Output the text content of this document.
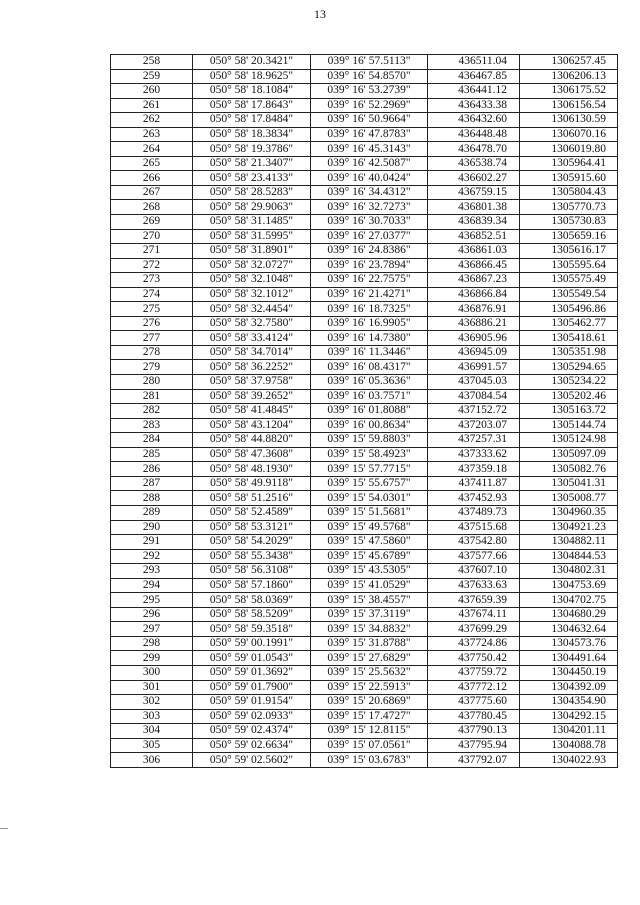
13
258	050° 58' 20.3421"	039° 16' 57.5113"	436511.04	1306257.45
259	050° 58' 18.9625"	039° 16' 54.8570"	436467.85	1306206.13
260	050° 58' 18.1084"	039° 16' 53.2739"	436441.12	1306175.52
261	050° 58' 17.8643"	039° 16' 52.2969"	436433.38	1306156.54
262	050° 58' 17.8484"	039° 16' 50.9664"	436432.60	1306130.59
263	050° 58' 18.3834"	039° 16' 47.8783"	436448.48	1306070.16
264	050° 58' 19.3786"	039° 16' 45.3143"	436478.70	1306019.80
265	050° 58' 21.3407"	039° 16' 42.5087"	436538.74	1305964.41
266	050° 58' 23.4133"	039° 16' 40.0424"	436602.27	1305915.60
267	050° 58' 28.5283"	039° 16' 34.4312"	436759.15	1305804.43
268	050° 58' 29.9063"	039° 16' 32.7273"	436801.38	1305770.73
269	050° 58' 31.1485"	039° 16' 30.7033"	436839.34	1305730.83
270	050° 58' 31.5995"	039° 16' 27.0377"	436852.51	1305659.16
271	050° 58' 31.8901"	039° 16' 24.8386"	436861.03	1305616.17
272	050° 58' 32.0727"	039° 16' 23.7894"	436866.45	1305595.64
273	050° 58' 32.1048"	039° 16' 22.7575"	436867.23	1305575.49
274	050° 58' 32.1012"	039° 16' 21.4271"	436866.84	1305549.54
275	050° 58' 32.4454"	039° 16' 18.7325"	436876.91	1305496.86
276	050° 58' 32.7580"	039° 16' 16.9905"	436886.21	1305462.77
277	050° 58' 33.4124"	039° 16' 14.7380"	436905.96	1305418.61
278	050° 58' 34.7014"	039° 16' 11.3446"	436945.09	1305351.98
279	050° 58' 36.2252"	039° 16' 08.4317"	436991.57	1305294.65
280	050° 58' 37.9758"	039° 16' 05.3636"	437045.03	1305234.22
281	050° 58' 39.2652"	039° 16' 03.7571"	437084.54	1305202.46
282	050° 58' 41.4845"	039° 16' 01.8088"	437152.72	1305163.72
283	050° 58' 43.1204"	039° 16' 00.8634"	437203.07	1305144.74
284	050° 58' 44.8820"	039° 15' 59.8803"	437257.31	1305124.98
285	050° 58' 47.3608"	039° 15' 58.4923"	437333.62	1305097.09
286	050° 58' 48.1930"	039° 15' 57.7715"	437359.18	1305082.76
287	050° 58' 49.9118"	039° 15' 55.6757"	437411.87	1305041.31
288	050° 58' 51.2516"	039° 15' 54.0301"	437452.93	1305008.77
289	050° 58' 52.4589"	039° 15' 51.5681"	437489.73	1304960.35
290	050° 58' 53.3121"	039° 15' 49.5768"	437515.68	1304921.23
291	050° 58' 54.2029"	039° 15' 47.5860"	437542.80	1304882.11
292	050° 58' 55.3438"	039° 15' 45.6789"	437577.66	1304844.53
293	050° 58' 56.3108"	039° 15' 43.5305"	437607.10	1304802.31
294	050° 58' 57.1860"	039° 15' 41.0529"	437633.63	1304753.69
295	050° 58' 58.0369"	039° 15' 38.4557"	437659.39	1304702.75
296	050° 58' 58.5209"	039° 15' 37.3119"	437674.11	1304680.29
297	050° 58' 59.3518"	039° 15' 34.8832"	437699.29	1304632.64
298	050° 59' 00.1991"	039° 15' 31.8788"	437724.86	1304573.76
299	050° 59' 01.0543"	039° 15' 27.6829"	437750.42	1304491.64
300	050° 59' 01.3692"	039° 15' 25.5632"	437759.72	1304450.19
301	050° 59' 01.7900"	039° 15' 22.5913"	437772.12	1304392.09
302	050° 59' 01.9154"	039° 15' 20.6869"	437775.60	1304354.90
303	050° 59' 02.0933"	039° 15' 17.4727"	437780.45	1304292.15
304	050° 59' 02.4374"	039° 15' 12.8115"	437790.13	1304201.11
305	050° 59' 02.6634"	039° 15' 07.0561"	437795.94	1304088.78
306	050° 59' 02.5602"	039° 15' 03.6783"	437792.07	1304022.93
